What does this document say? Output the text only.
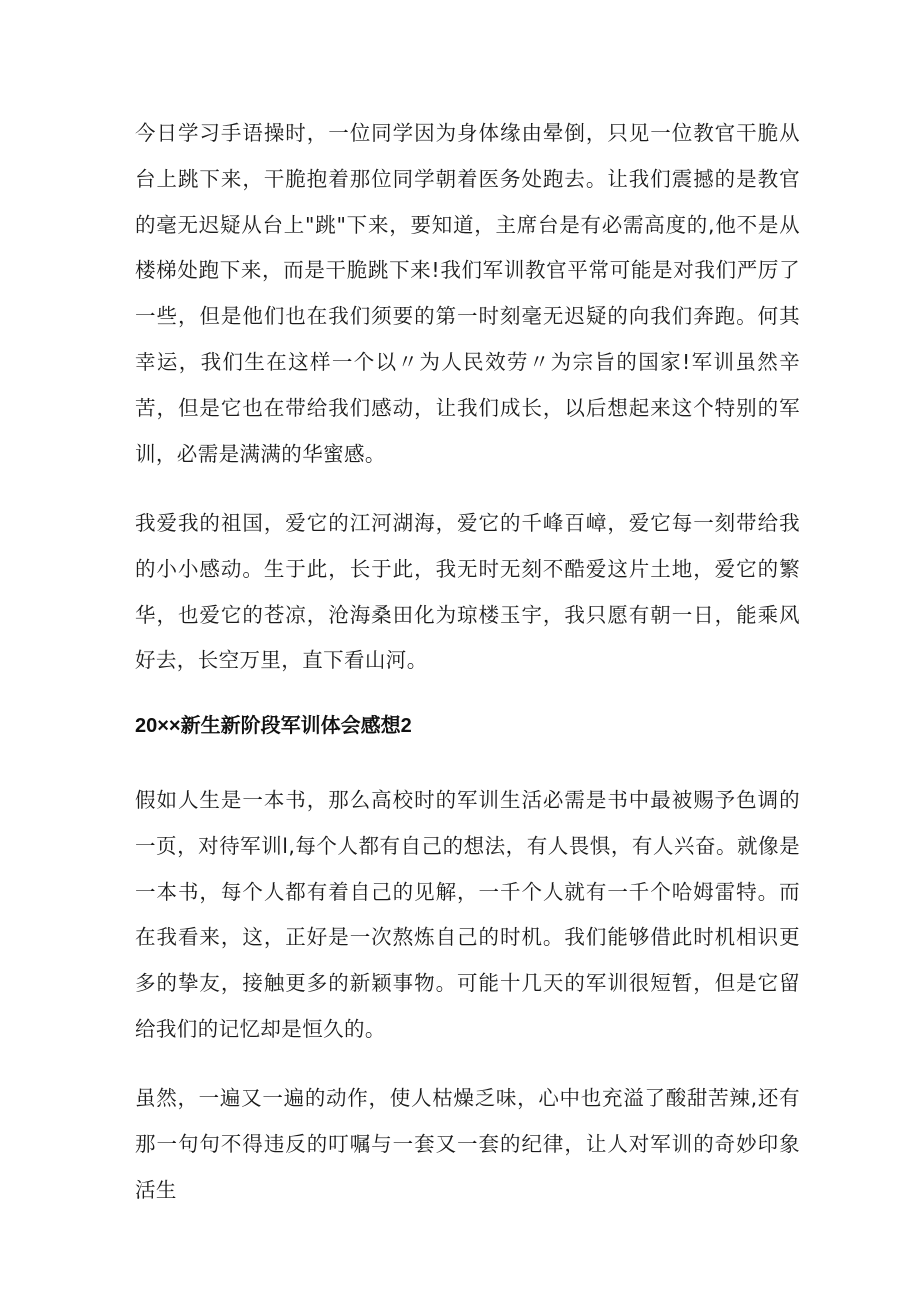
今日学习手语操时，一位同学因为身体缘由晕倒，只见一位教官干脆从台上跳下来，干脆抱着那位同学朝着医务处跑去。让我们震撼的是教官的毫无迟疑从台上"跳"下来，要知道，主席台是有必需高度的,他不是从楼梯处跑下来，而是干脆跳下来!我们军训教官平常可能是对我们严厉了一些，但是他们也在我们须要的第一时刻毫无迟疑的向我们奔跑。何其幸运，我们生在这样一个以〃为人民效劳〃为宗旨的国家!军训虽然辛苦，但是它也在带给我们感动，让我们成长，以后想起来这个特别的军训，必需是满满的华蜜感。

我爱我的祖国，爱它的江河湖海，爱它的千峰百嶂，爱它每一刻带给我的小小感动。生于此，长于此，我无时无刻不酷爱这片土地，爱它的繁华，也爱它的苍凉，沧海桑田化为琼楼玉宇，我只愿有朝一日，能乘风好去，长空万里，直下看山河。

20××新生新阶段军训体会感想2

假如人生是一本书，那么高校时的军训生活必需是书中最被赐予色调的一页，对待军训l,每个人都有自己的想法，有人畏惧，有人兴奋。就像是一本书，每个人都有着自己的见解，一千个人就有一千个哈姆雷特。而在我看来，这，正好是一次熬炼自己的时机。我们能够借此时机相识更多的挚友，接触更多的新颖事物。可能十几天的军训很短暂，但是它留给我们的记忆却是恒久的。

虽然，一遍又一遍的动作，使人枯燥乏味，心中也充溢了酸甜苦辣,还有那一句句不得违反的叮嘱与一套又一套的纪律，让人对军训的奇妙印象活生
